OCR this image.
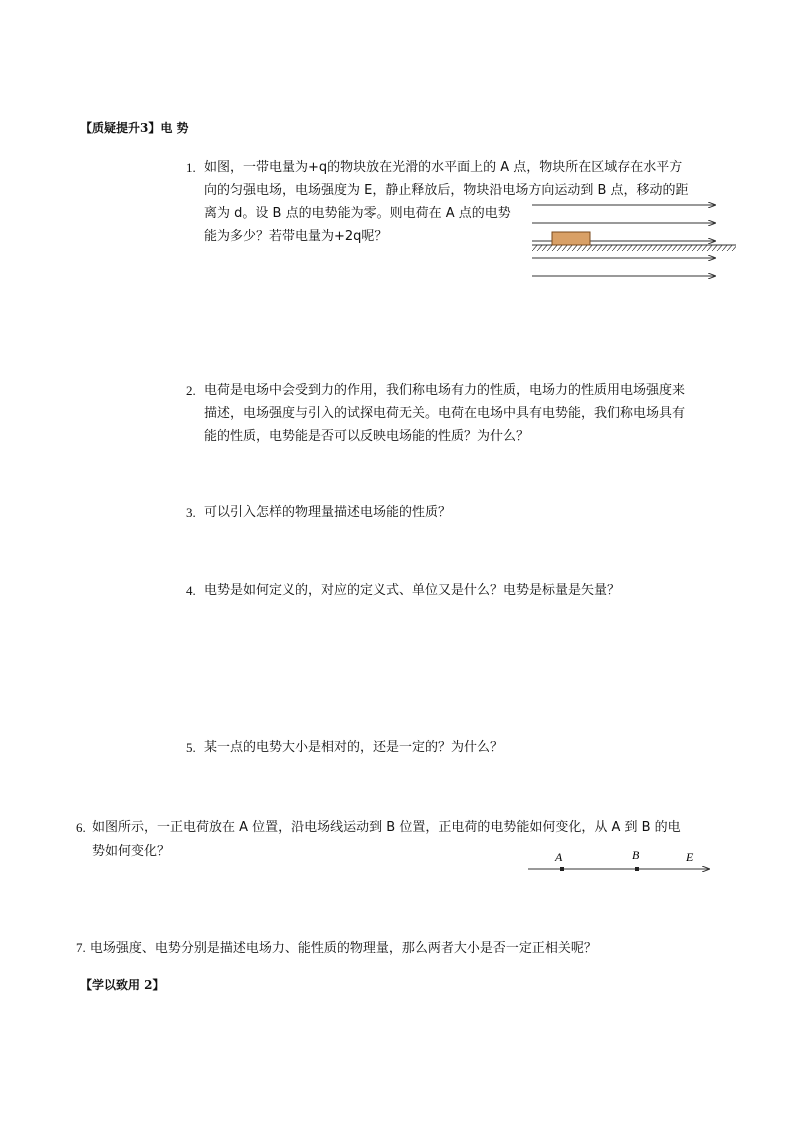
【质疑提升3】电 势
1. 如图，一带电量为+q的物块放在光滑的水平面上的 A 点，物块所在区域存在水平方
向的匀强电场，电场强度为 E，静止释放后，物块沿电场方向运动到 B 点，移动的距
离为 d。设 B 点的电势能为零。则电荷在 A 点的电势
能为多少？若带电量为+2q呢？
2. 电荷是电场中会受到力的作用，我们称电场有力的性质，电场力的性质用电场强度来
描述，电场强度与引入的试探电荷无关。电荷在电场中具有电势能，我们称电场具有
能的性质，电势能是否可以反映电场能的性质？为什么？
3. 可以引入怎样的物理量描述电场能的性质？
4. 电势是如何定义的，对应的定义式、单位又是什么？电势是标量是矢量？
5. 某一点的电势大小是相对的，还是一定的？为什么？
6. 如图所示，一正电荷放在 A 位置，沿电场线运动到 B 位置，正电荷的电势能如何变化，从 A 到 B 的电
势如何变化？	A	B	E
7. 电场强度、电势分别是描述电场力、能性质的物理量，那么两者大小是否一定正相关呢？
【学以致用 2】
